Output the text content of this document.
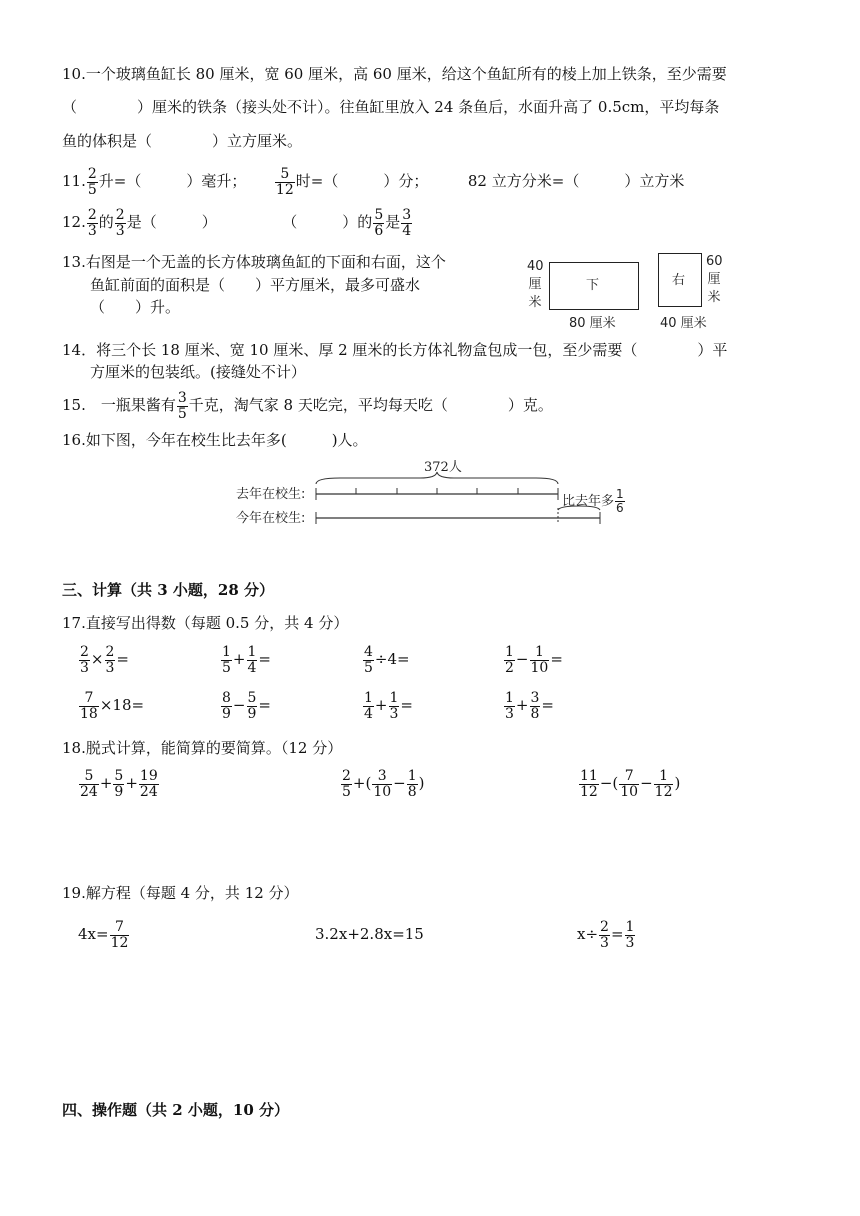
10.一个玻璃鱼缸长 80 厘米，宽 60 厘米，高 60 厘米，给这个鱼缸所有的棱上加上铁条，至少需要
（　　　　）厘米的铁条（接头处不计）。往鱼缸里放入 24 条鱼后，水面升高了 0.5cm，平均每条
鱼的体积是（　　　　）立方厘米。
11. $\frac{2}{5}$ 升=（　　　）毫升； $\frac{5}{12}$ 时=（　　　）分；	82 立方分米=（　　　）立方米
12. $\frac{2}{3}$ 的 $\frac{2}{3}$ 是（　　　）	（　　　）的 $\frac{5}{6}$ 是 $\frac{3}{4}$
13.右图是一个无盖的长方体玻璃鱼缸的下面和右面，这个
鱼缸前面的面积是（　　）平方厘米，最多可盛水
（　　）升。
40
厘
米
下
80 厘米
右
60
厘
米
40 厘米
14．将三个长 18 厘米、宽 10 厘米、厚 2 厘米的长方体礼物盒包成一包，至少需要（　　　　）平
方厘米的包装纸。(接缝处不计）
15.　一瓶果酱有 $\frac{3}{5}$ 千克，淘气家 8 天吃完，平均每天吃（　　　　）克。
16.如下图，今年在校生比去年多(　　　)人。
372人
去年在校生:
今年在校生:
比去年多 $\frac{1}{6}$
三、计算（共 3 小题，28 分）
17.直接写出得数（每题 0.5 分，共 4 分）
$\frac{2}{3} \times \frac{2}{3}$ =	$\frac{1}{5} + \frac{1}{4}$ =	$\frac{4}{5} \div 4=$	$\frac{1}{2} - \frac{1}{10}$ =
$\frac{7}{18} \times 18=$	$\frac{8}{9} - \frac{5}{9}$ =	$\frac{1}{4} + \frac{1}{3}$ =	$\frac{1}{3} + \frac{3}{8}$ =
18.脱式计算，能简算的要简算。（12 分）
$\frac{5}{24} + \frac{5}{9} + \frac{19}{24}$	$\frac{2}{5}$ +( $\frac{3}{10} - \frac{1}{8}$ )	$\frac{11}{12}$ −( $\frac{7}{10} - \frac{1}{12}$ )
19.解方程（每题 4 分，共 12 分）
$4x= \frac{7}{12}$	3.2x+2.8x=15	$x\div \frac{2}{3} = \frac{1}{3}$
四、操作题（共 2 小题，10 分）
